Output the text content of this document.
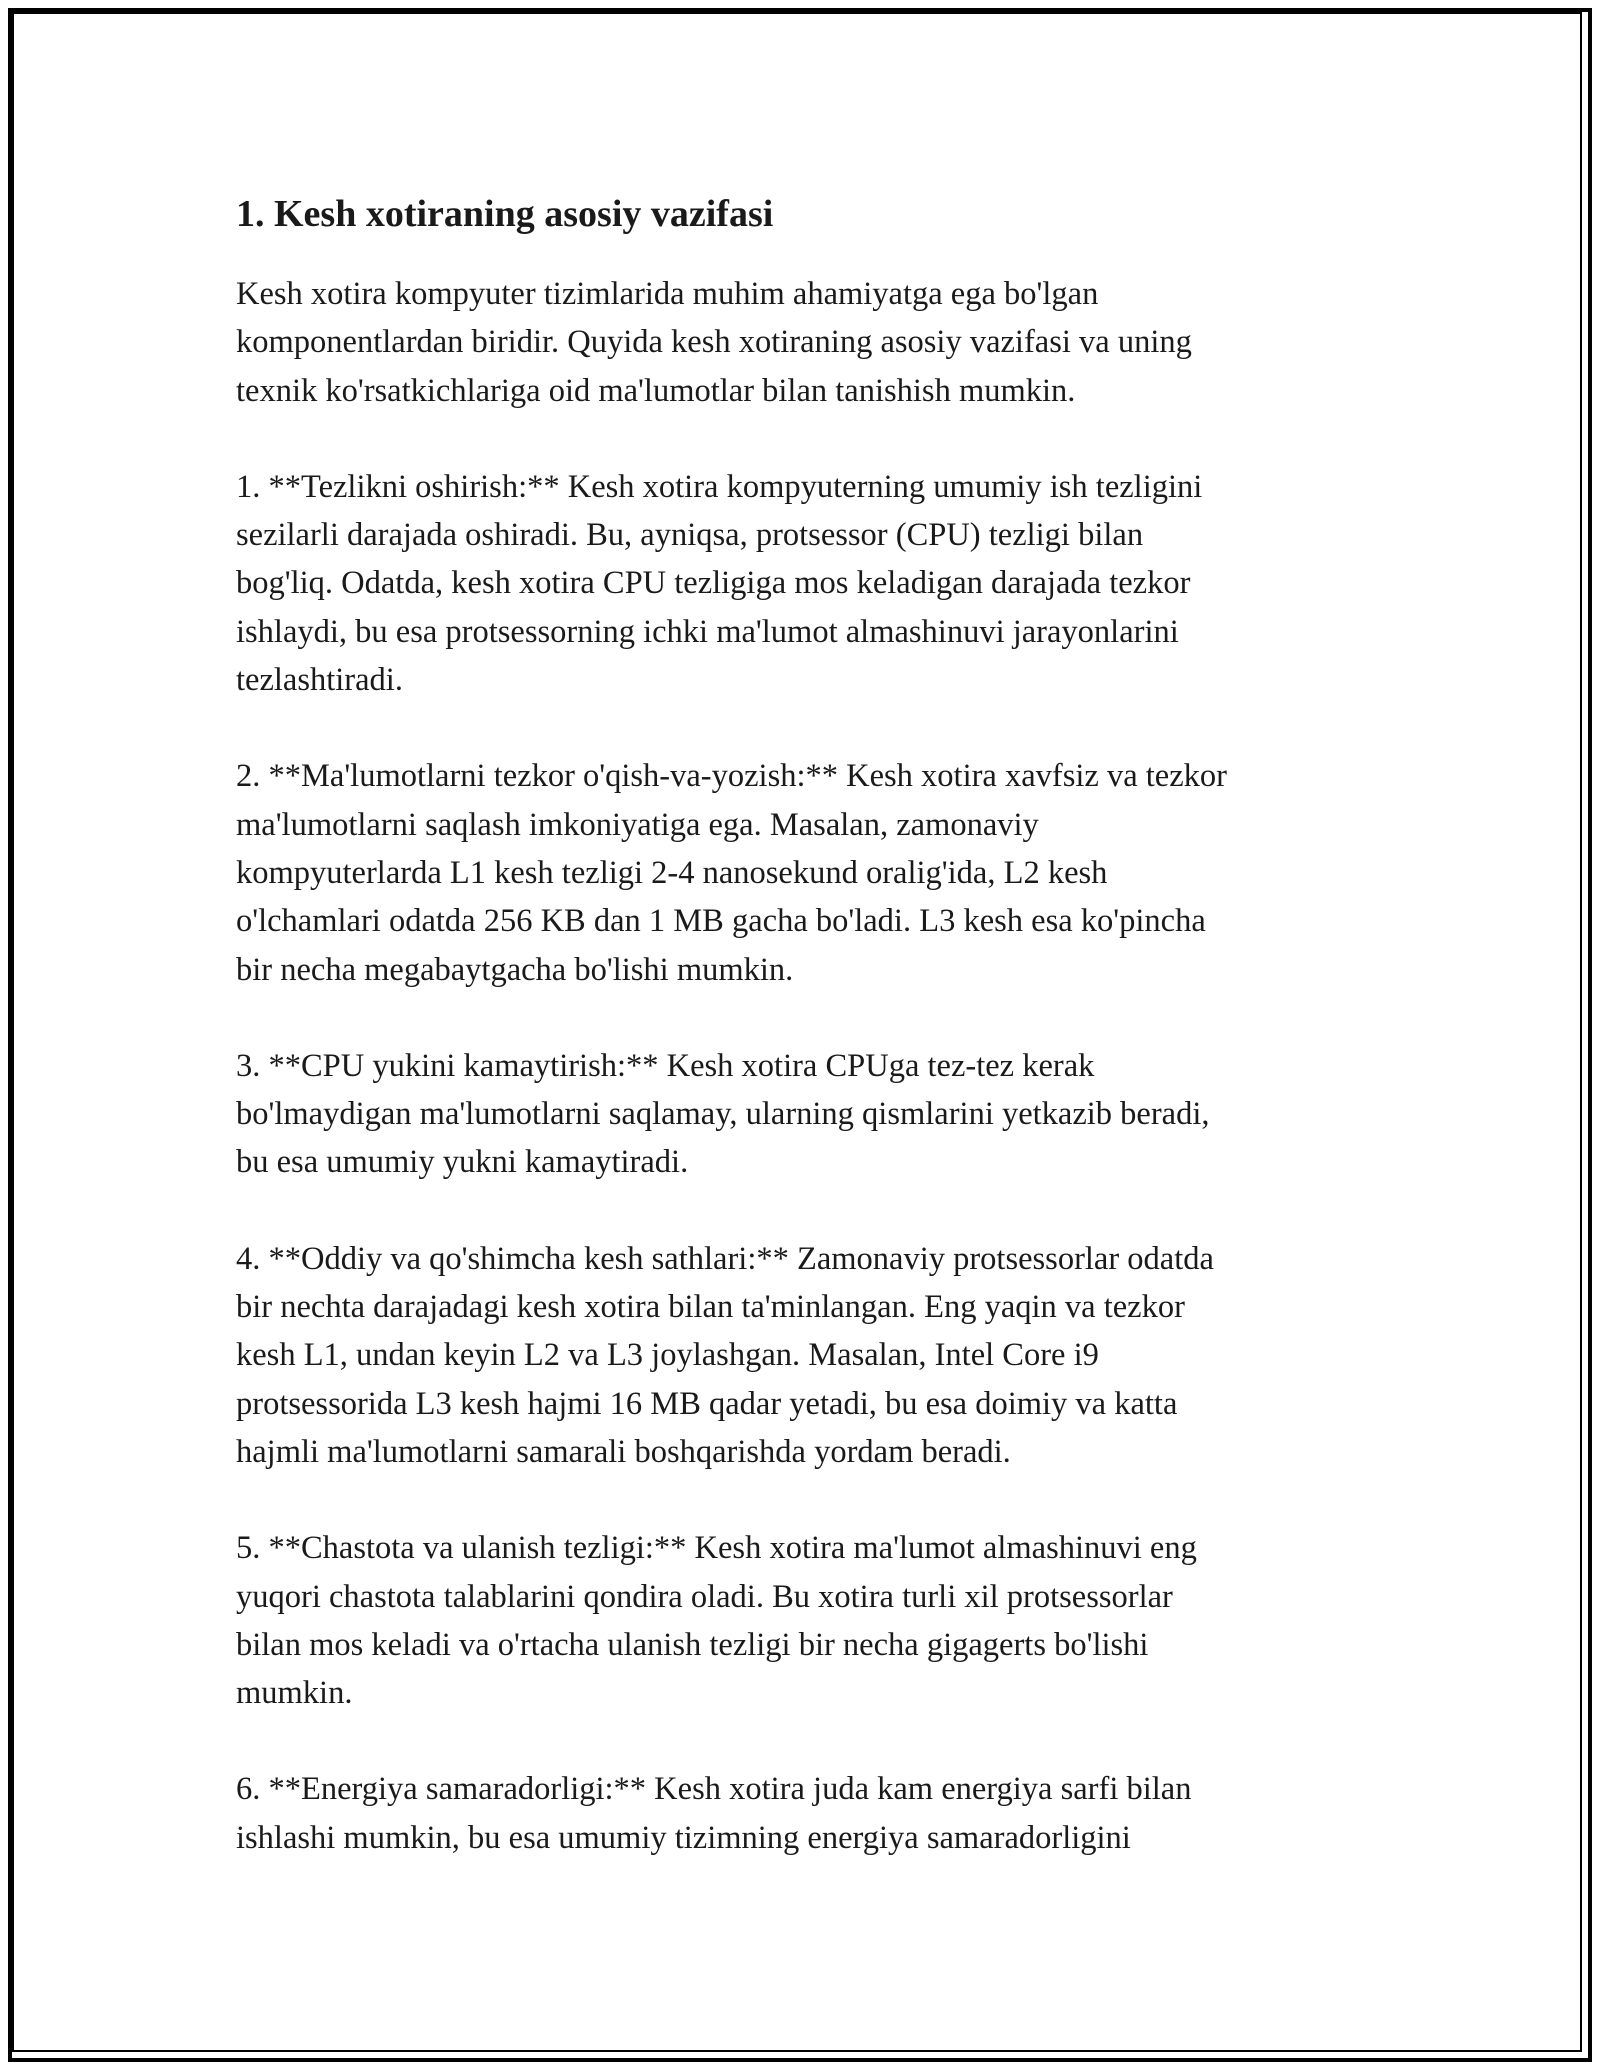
1. Kesh xotiraning asosiy vazifasi

Kesh xotira kompyuter tizimlarida muhim ahamiyatga ega bo'lgan
komponentlardan biridir. Quyida kesh xotiraning asosiy vazifasi va uning
texnik ko'rsatkichlariga oid ma'lumotlar bilan tanishish mumkin.

1. **Tezlikni oshirish:** Kesh xotira kompyuterning umumiy ish tezligini
sezilarli darajada oshiradi. Bu, ayniqsa, protsessor (CPU) tezligi bilan
bog'liq. Odatda, kesh xotira CPU tezligiga mos keladigan darajada tezkor
ishlaydi, bu esa protsessorning ichki ma'lumot almashinuvi jarayonlarini
tezlashtiradi.

2. **Ma'lumotlarni tezkor o'qish-va-yozish:** Kesh xotira xavfsiz va tezkor
ma'lumotlarni saqlash imkoniyatiga ega. Masalan, zamonaviy
kompyuterlarda L1 kesh tezligi 2-4 nanosekund oralig'ida, L2 kesh
o'lchamlari odatda 256 KB dan 1 MB gacha bo'ladi. L3 kesh esa ko'pincha
bir necha megabaytgacha bo'lishi mumkin.

3. **CPU yukini kamaytirish:** Kesh xotira CPUga tez-tez kerak
bo'lmaydigan ma'lumotlarni saqlamay, ularning qismlarini yetkazib beradi,
bu esa umumiy yukni kamaytiradi.

4. **Oddiy va qo'shimcha kesh sathlari:** Zamonaviy protsessorlar odatda
bir nechta darajadagi kesh xotira bilan ta'minlangan. Eng yaqin va tezkor
kesh L1, undan keyin L2 va L3 joylashgan. Masalan, Intel Core i9
protsessorida L3 kesh hajmi 16 MB qadar yetadi, bu esa doimiy va katta
hajmli ma'lumotlarni samarali boshqarishda yordam beradi.

5. **Chastota va ulanish tezligi:** Kesh xotira ma'lumot almashinuvi eng
yuqori chastota talablarini qondira oladi. Bu xotira turli xil protsessorlar
bilan mos keladi va o'rtacha ulanish tezligi bir necha gigagerts bo'lishi
mumkin.

6. **Energiya samaradorligi:** Kesh xotira juda kam energiya sarfi bilan
ishlashi mumkin, bu esa umumiy tizimning energiya samaradorligini
